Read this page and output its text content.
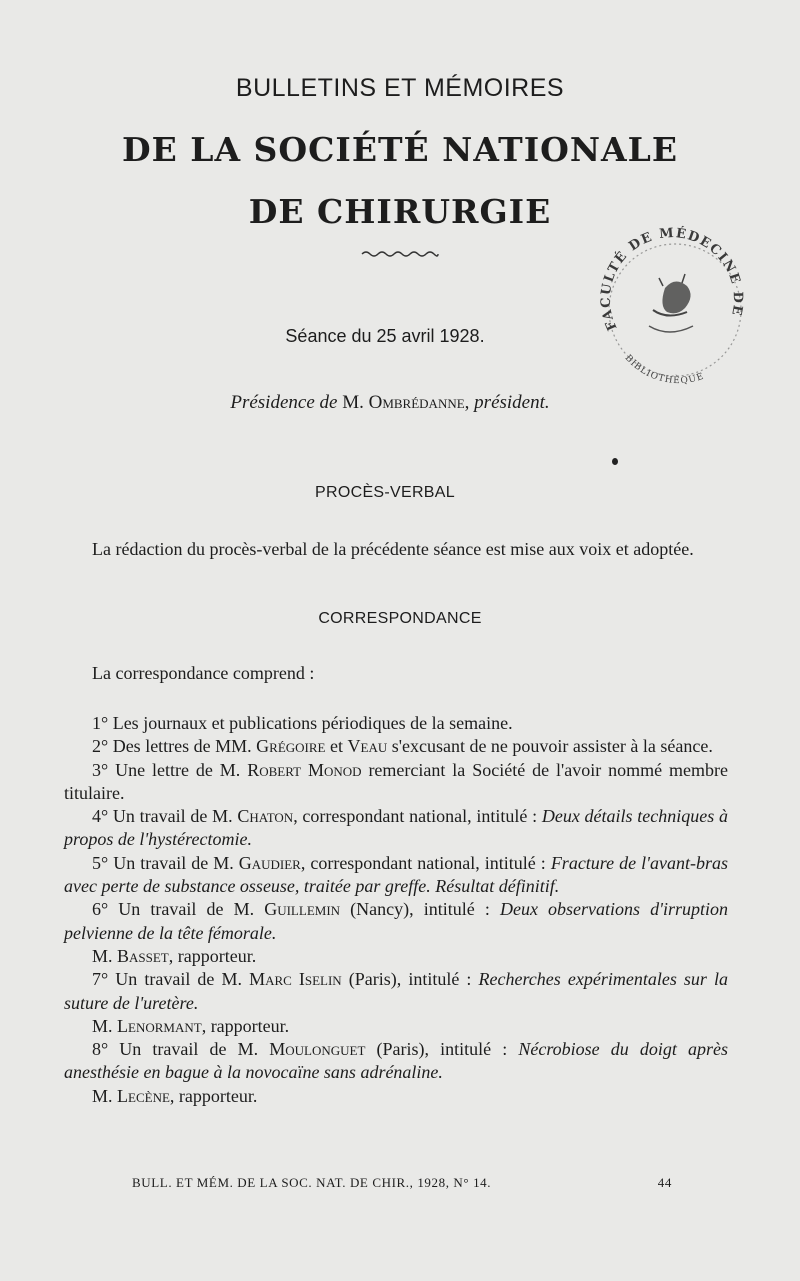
BULLETINS ET MÉMOIRES
DE LA SOCIÉTÉ NATIONALE
DE CHIRURGIE
FACULTÉ DE MÉDECINE DE
BIBLIOTHÈQUE
Séance du 25 avril 1928.
Présidence de M. Ombrédanne, président.
PROCÈS-VERBAL

La rédaction du procès-verbal de la précédente séance est mise aux voix et adoptée.

CORRESPONDANCE

La correspondance comprend :

1° Les journaux et publications périodiques de la semaine.

2° Des lettres de MM. Grégoire et Veau s'excusant de ne pouvoir assister à la séance.

3° Une lettre de M. Robert Monod remerciant la Société de l'avoir nommé membre titulaire.

4° Un travail de M. Chaton, correspondant national, intitulé : Deux détails techniques à propos de l'hystérectomie.

5° Un travail de M. Gaudier, correspondant national, intitulé : Fracture de l'avant-bras avec perte de substance osseuse, traitée par greffe. Résultat définitif.

6° Un travail de M. Guillemin (Nancy), intitulé : Deux observations d'irruption pelvienne de la tête fémorale.

M. Basset, rapporteur.

7° Un travail de M. Marc Iselin (Paris), intitulé : Recherches expérimentales sur la suture de l'uretère.

M. Lenormant, rapporteur.

8° Un travail de M. Moulonguet (Paris), intitulé : Nécrobiose du doigt après anesthésie en bague à la novocaïne sans adrénaline.

M. Lecène, rapporteur.

BULL. ET MÉM. DE LA SOC. NAT. DE CHIR., 1928, N° 14.	44
